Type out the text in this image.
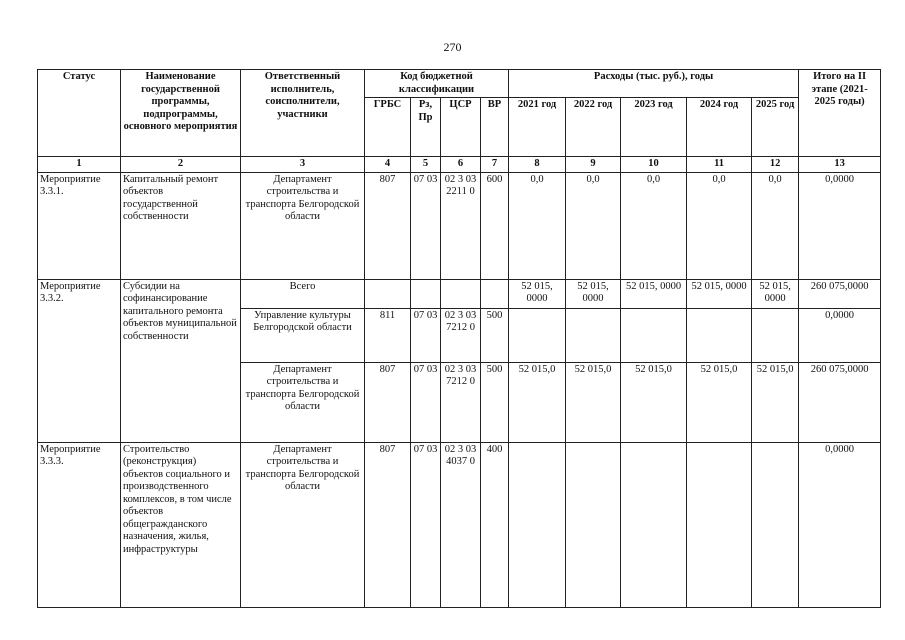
270
Статус	Наименование государственной программы, подпрограммы, основного мероприятия	Ответственный исполнитель, соисполнители, участники	Код бюджетной классификации				Расходы (тыс. руб.), годы					Итого на II этапе (2021-2025 годы)
			ГРБС	Рз, Пр	ЦСР	ВР	2021 год	2022 год	2023 год	2024 год	2025 год	
1	2	3	4	5	6	7	8	9	10	11	12	13
Мероприятие 3.3.1.	Капитальный ремонт объектов государственной собственности	Департамент строительства и транспорта Белгородской области	807	07 03	02 3 03 2211 0	600	0,0	0,0	0,0	0,0	0,0	0,0000
Мероприятие 3.3.2.	Субсидии на софинансирование капитального ремонта объектов муниципальной собственности	Всего					52 015, 0000	52 015, 0000	52 015, 0000	52 015, 0000	52 015, 0000	260 075,0000
		Управление культуры Белгородской области	811	07 03	02 3 03 7212 0	500						0,0000
		Департамент строительства и транспорта Белгородской области	807	07 03	02 3 03 7212 0	500	52 015,0	52 015,0	52 015,0	52 015,0	52 015,0	260 075,0000
Мероприятие 3.3.3.	Строительство (реконструкция) объектов социального и производственного комплексов, в том числе объектов общегражданского назначения, жилья, инфраструктуры	Департамент строительства и транспорта Белгородской области	807	07 03	02 3 03 4037 0	400						0,0000
